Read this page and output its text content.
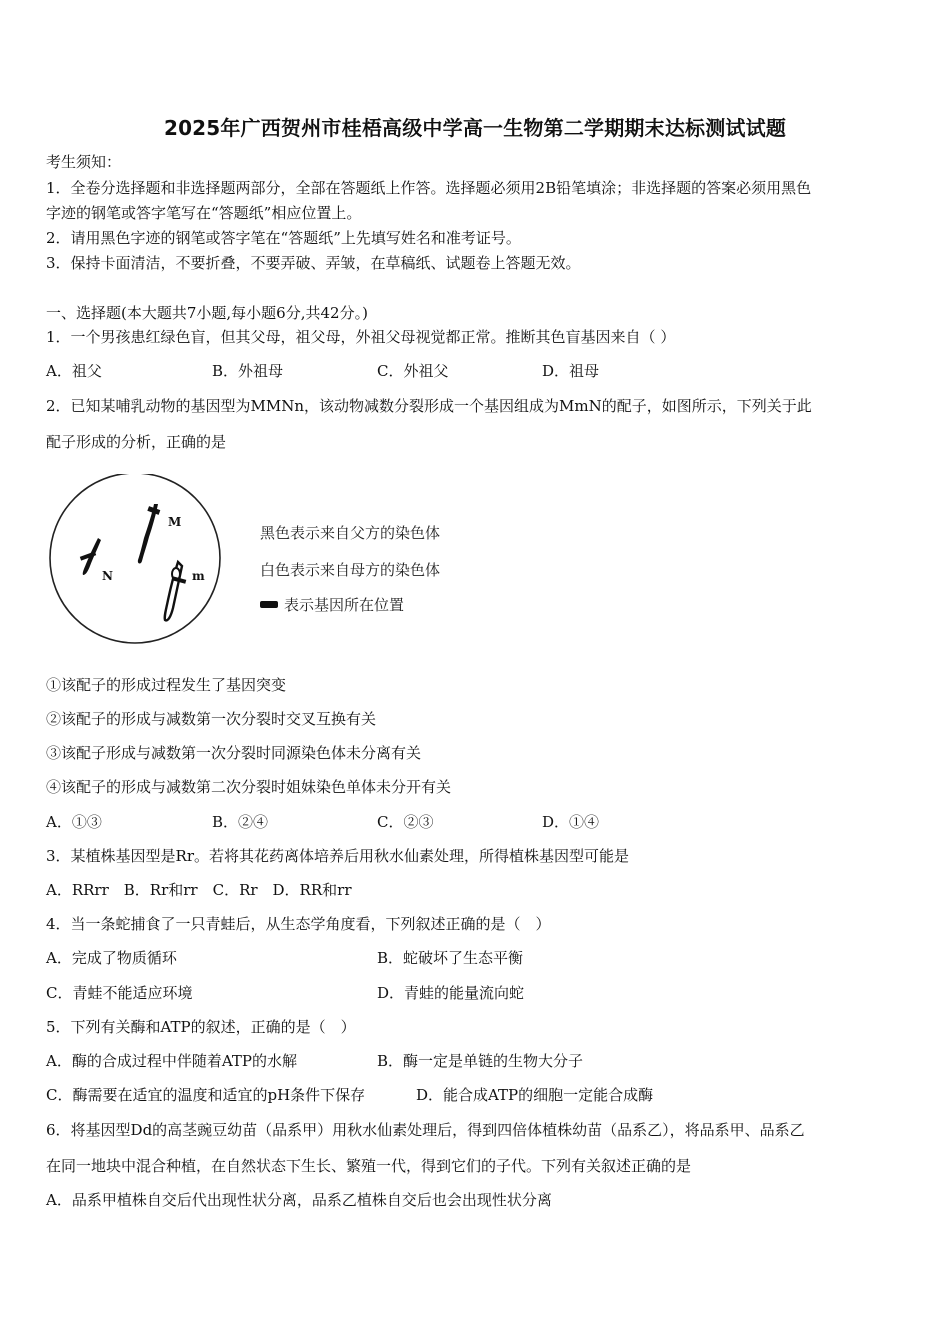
2025年广西贺州市桂梧高级中学高一生物第二学期期末达标测试试题
考生须知：
1．全卷分选择题和非选择题两部分，全部在答题纸上作答。选择题必须用2B铅笔填涂；非选择题的答案必须用黑色
字迹的钢笔或答字笔写在“答题纸”相应位置上。
2．请用黑色字迹的钢笔或答字笔在“答题纸”上先填写姓名和准考证号。
3．保持卡面清洁，不要折叠，不要弄破、弄皱，在草稿纸、试题卷上答题无效。
一、选择题(本大题共7小题,每小题6分,共42分。)
1．一个男孩患红绿色盲，但其父母，祖父母，外祖父母视觉都正常。推断其色盲基因来自（ ）
A．祖父	B．外祖母	C．外祖父	D．祖母
2．已知某哺乳动物的基因型为MMNn，该动物减数分裂形成一个基因组成为MmN的配子，如图所示，下列关于此
配子形成的分析，正确的是
M
N	m
黑色表示来自父方的染色体
白色表示来自母方的染色体
表示基因所在位置
①该配子的形成过程发生了基因突变
②该配子的形成与减数第一次分裂时交叉互换有关
③该配子形成与减数第一次分裂时同源染色体未分离有关
④该配子的形成与减数第二次分裂时姐妹染色单体未分开有关
A．①③	B．②④	C．②③	D．①④
3．某植株基因型是Rr。若将其花药离体培养后用秋水仙素处理，所得植株基因型可能是
A．RRrr　B．Rr和rr　C．Rr　D．RR和rr
4．当一条蛇捕食了一只青蛙后，从生态学角度看，下列叙述正确的是（　）
A．完成了物质循环	B．蛇破坏了生态平衡
C．青蛙不能适应环境	D．青蛙的能量流向蛇
5．下列有关酶和ATP的叙述，正确的是（　）
A．酶的合成过程中伴随着ATP的水解	B．酶一定是单链的生物大分子
C．酶需要在适宜的温度和适宜的pH条件下保存	D．能合成ATP的细胞一定能合成酶
6．将基因型Dd的高茎豌豆幼苗（品系甲）用秋水仙素处理后，得到四倍体植株幼苗（品系乙），将品系甲、品系乙
在同一地块中混合种植，在自然状态下生长、繁殖一代，得到它们的子代。下列有关叙述正确的是
A．品系甲植株自交后代出现性状分离，品系乙植株自交后也会出现性状分离
